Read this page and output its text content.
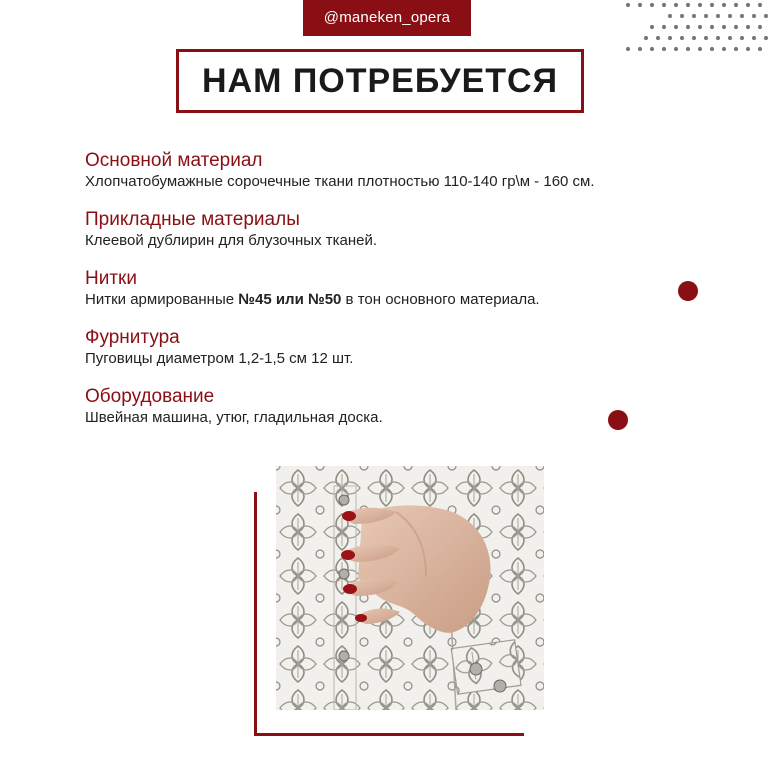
@maneken_opera
НАМ ПОТРЕБУЕТСЯ
Основной материал

Хлопчатобумажные сорочечные ткани плотностью 110-140 гр\м - 160 см.

Прикладные материалы

Клеевой дублирин для блузочных тканей.

Нитки

Нитки армированные №45 или №50 в тон основного материала.

Фурнитура

Пуговицы диаметром 1,2-1,5 см 12 шт.

Оборудование

Швейная машина, утюг, гладильная доска.
